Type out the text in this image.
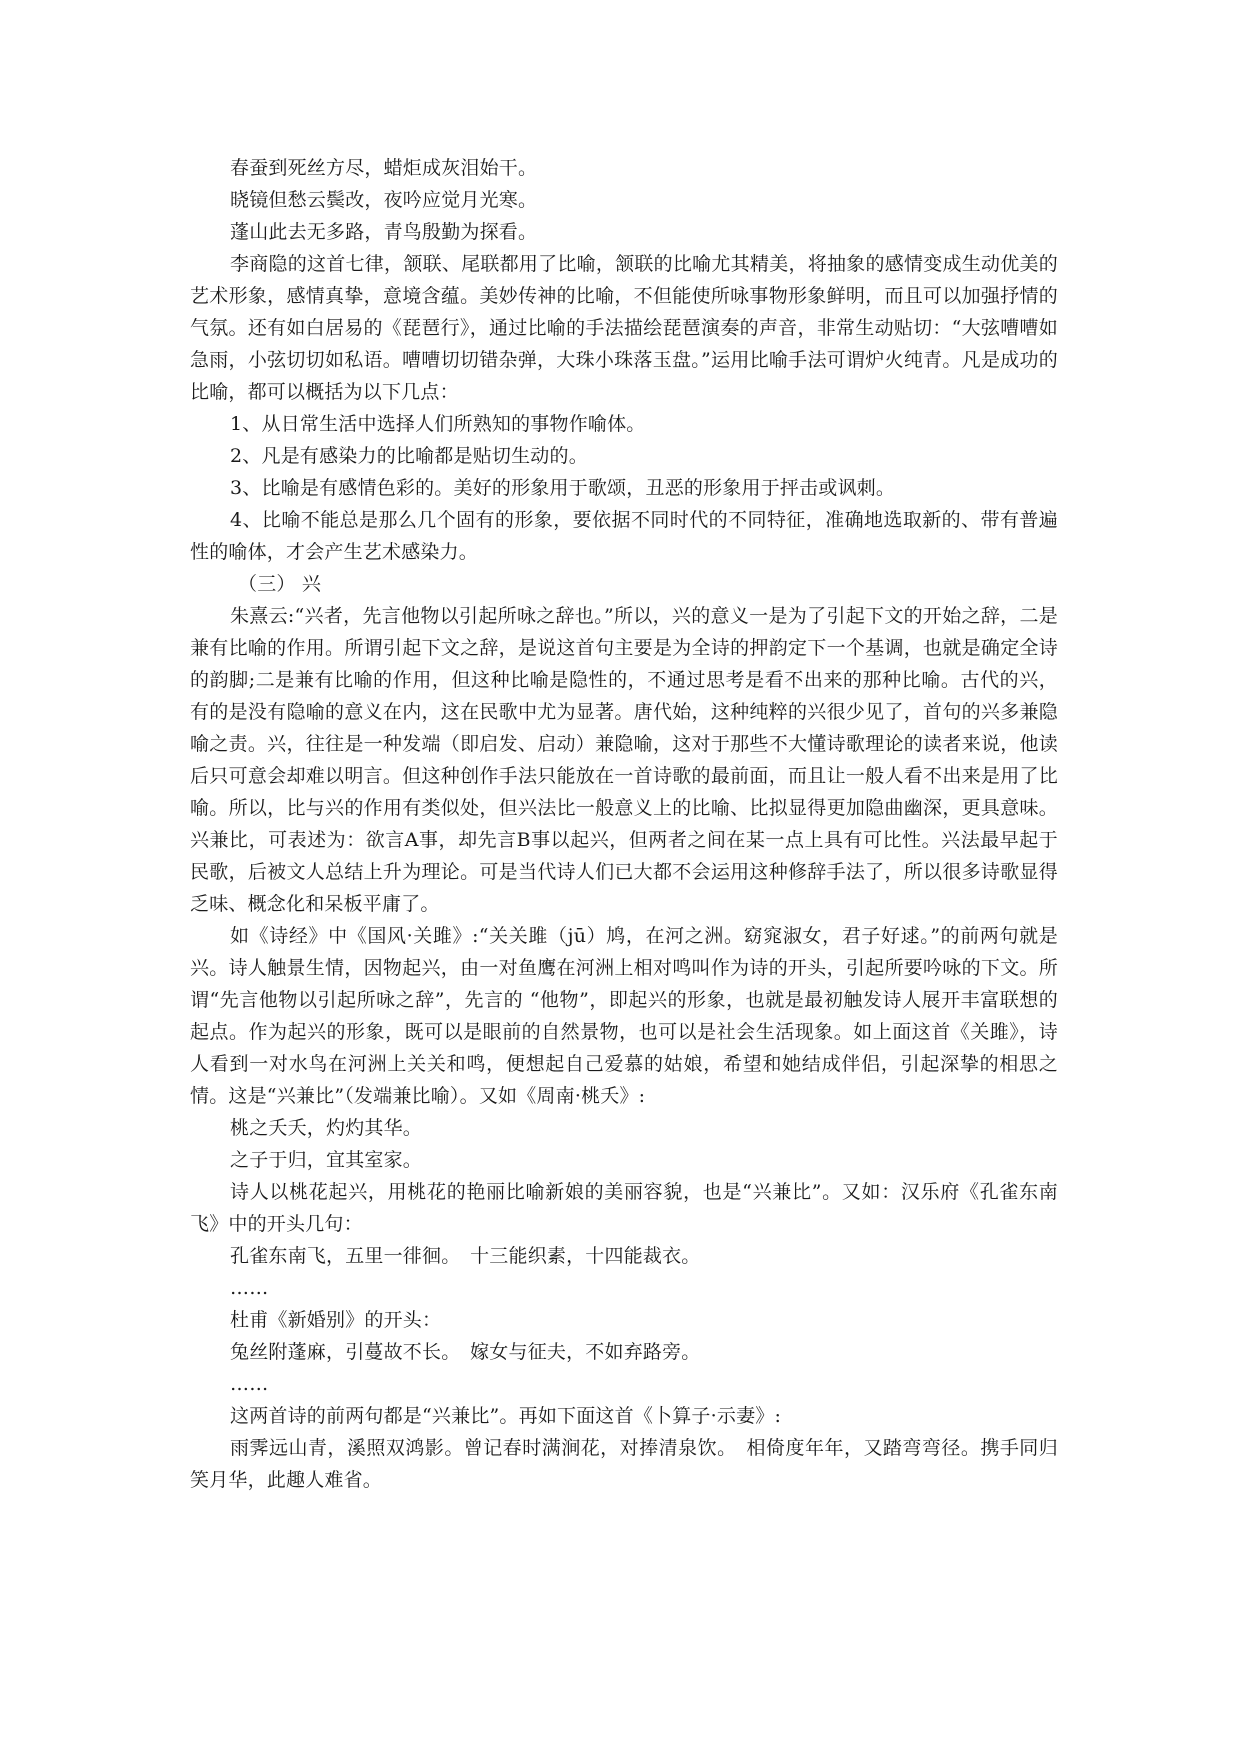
春蚕到死丝方尽，蜡炬成灰泪始干。

晓镜但愁云鬓改，夜吟应觉月光寒。

蓬山此去无多路，青鸟殷勤为探看。

李商隐的这首七律，颔联、尾联都用了比喻，颔联的比喻尤其精美，将抽象的感情变成生动优美的艺术形象，感情真挚，意境含蕴。美妙传神的比喻，不但能使所咏事物形象鲜明，而且可以加强抒情的气氛。还有如白居易的《琵琶行》，通过比喻的手法描绘琵琶演奏的声音，非常生动贴切：“大弦嘈嘈如急雨，小弦切切如私语。嘈嘈切切错杂弹，大珠小珠落玉盘。”运用比喻手法可谓炉火纯青。凡是成功的比喻，都可以概括为以下几点：

1、从日常生活中选择人们所熟知的事物作喻体。

2、凡是有感染力的比喻都是贴切生动的。

3、比喻是有感情色彩的。美好的形象用于歌颂，丑恶的形象用于抨击或讽刺。

4、比喻不能总是那么几个固有的形象，要依据不同时代的不同特征，准确地选取新的、带有普遍性的喻体，才会产生艺术感染力。

（三） 兴

朱熹云:“兴者，先言他物以引起所咏之辞也。”所以，兴的意义一是为了引起下文的开始之辞，二是兼有比喻的作用。所谓引起下文之辞，是说这首句主要是为全诗的押韵定下一个基调，也就是确定全诗的韵脚;二是兼有比喻的作用，但这种比喻是隐性的，不通过思考是看不出来的那种比喻。古代的兴，有的是没有隐喻的意义在内，这在民歌中尤为显著。唐代始，这种纯粹的兴很少见了，首句的兴多兼隐喻之责。兴，往往是一种发端（即启发、启动）兼隐喻，这对于那些不大懂诗歌理论的读者来说，他读后只可意会却难以明言。但这种创作手法只能放在一首诗歌的最前面，而且让一般人看不出来是用了比喻。所以，比与兴的作用有类似处，但兴法比一般意义上的比喻、比拟显得更加隐曲幽深，更具意味。兴兼比，可表述为：欲言A事，却先言B事以起兴，但两者之间在某一点上具有可比性。兴法最早起于民歌，后被文人总结上升为理论。可是当代诗人们已大都不会运用这种修辞手法了，所以很多诗歌显得乏味、概念化和呆板平庸了。

如《诗经》中《国风·关雎》:“关关雎（jū）鸠，在河之洲。窈窕淑女，君子好逑。”的前两句就是兴。诗人触景生情，因物起兴，由一对鱼鹰在河洲上相对鸣叫作为诗的开头，引起所要吟咏的下文。所谓“先言他物以引起所咏之辞”，先言的 “他物”，即起兴的形象，也就是最初触发诗人展开丰富联想的起点。作为起兴的形象，既可以是眼前的自然景物，也可以是社会生活现象。如上面这首《关雎》，诗人看到一对水鸟在河洲上关关和鸣，便想起自己爱慕的姑娘，希望和她结成伴侣，引起深挚的相思之情。这是“兴兼比”（发端兼比喻）。又如《周南·桃夭》:

桃之夭夭，灼灼其华。

之子于归，宜其室家。

诗人以桃花起兴，用桃花的艳丽比喻新娘的美丽容貌，也是“兴兼比”。又如：汉乐府《孔雀东南飞》中的开头几句：

孔雀东南飞，五里一徘徊。　十三能织素，十四能裁衣。

……

杜甫《新婚别》的开头：

兔丝附蓬麻，引蔓故不长。　嫁女与征夫，不如弃路旁。

……

这两首诗的前两句都是“兴兼比”。再如下面这首《卜算子·示妻》:

雨霁远山青，溪照双鸿影。曾记春时满涧花，对捧清泉饮。　相倚度年年，又踏弯弯径。携手同归笑月华，此趣人难省。
